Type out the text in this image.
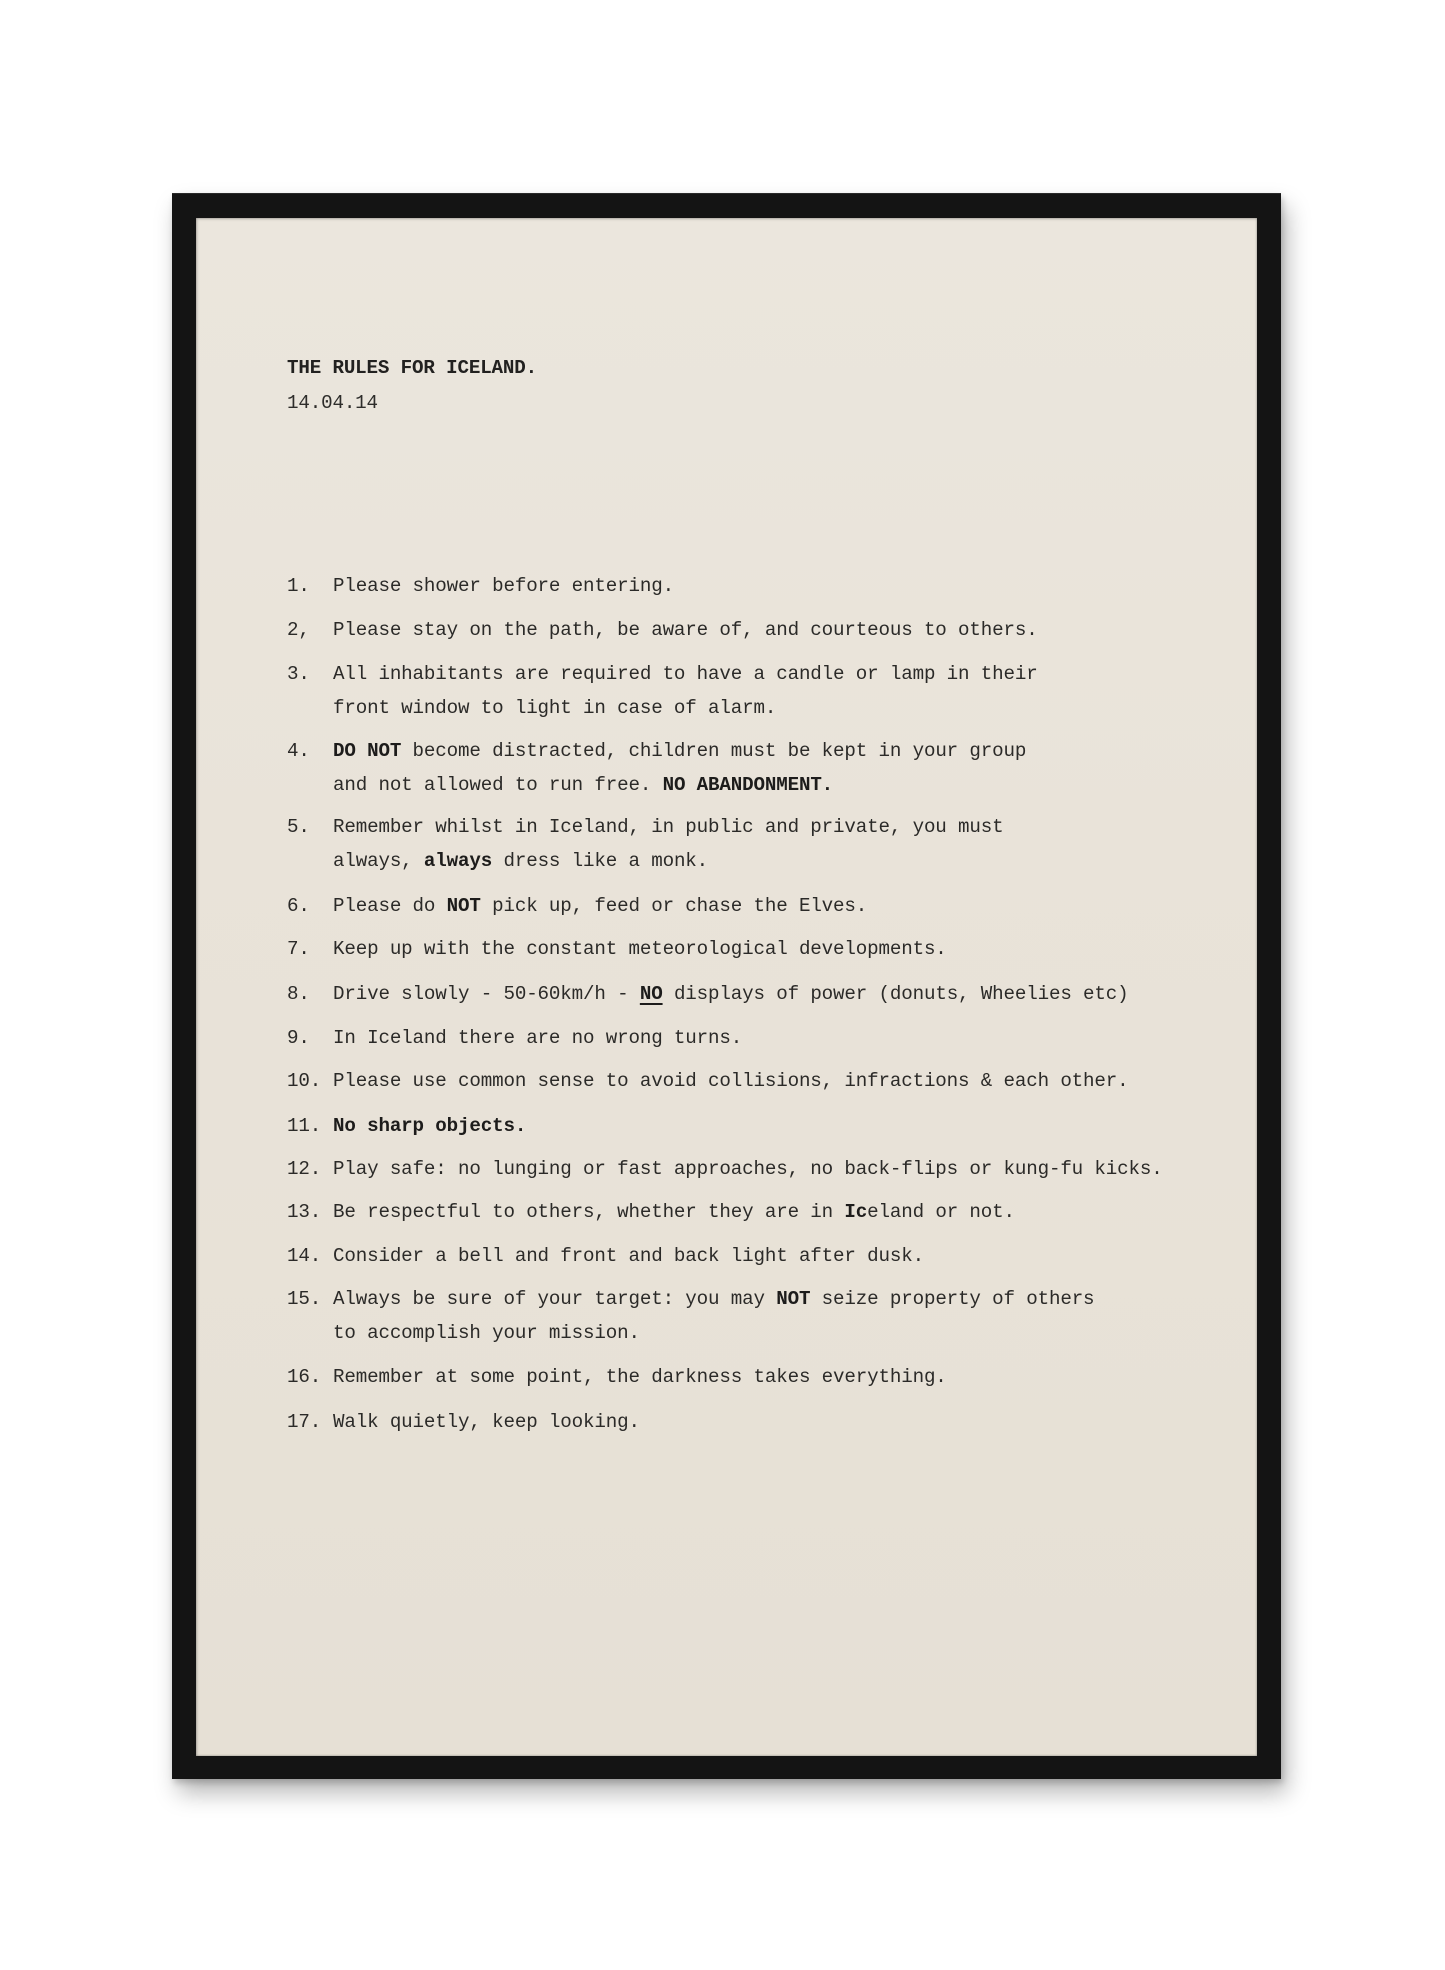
THE RULES FOR ICELAND.
14.04.14
1. Please shower before entering.
2, Please stay on the path, be aware of, and courteous to others.
3. All inhabitants are required to have a candle or lamp in their
front window to light in case of alarm.
4. DO NOT become distracted, children must be kept in your group
and not allowed to run free. NO ABANDONMENT.
5. Remember whilst in Iceland, in public and private, you must
always, always dress like a monk.
6. Please do NOT pick up, feed or chase the Elves.
7. Keep up with the constant meteorological developments.
8. Drive slowly - 50-60km/h - NO displays of power (donuts, Wheelies etc)
9. In Iceland there are no wrong turns.
10. Please use common sense to avoid collisions, infractions & each other.
11. No sharp objects.
12. Play safe: no lunging or fast approaches, no back-flips or kung-fu kicks.
13. Be respectful to others, whether they are in Iceland or not.
14. Consider a bell and front and back light after dusk.
15. Always be sure of your target: you may NOT seize property of others
to accomplish your mission.
16. Remember at some point, the darkness takes everything.
17. Walk quietly, keep looking.
